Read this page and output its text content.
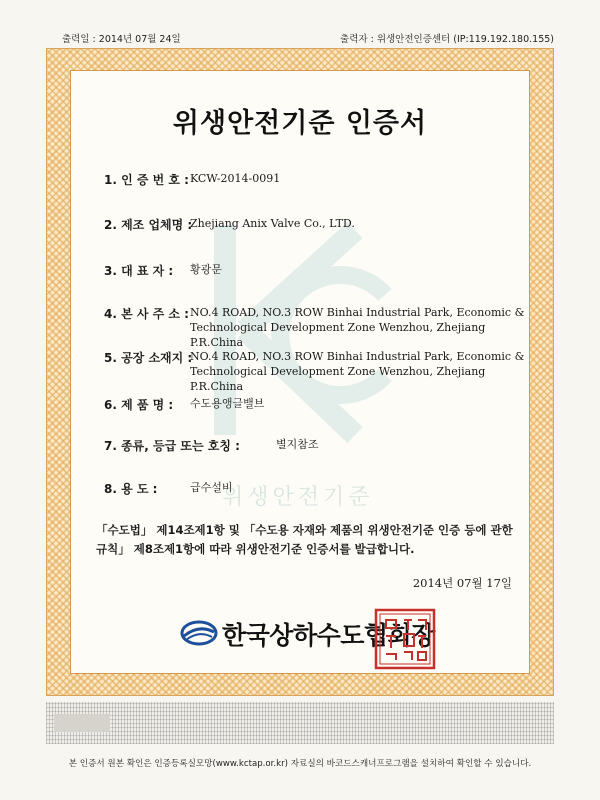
출력일 : 2014년 07월 24일	출력자 : 위생안전인증센터 (IP:119.192.180.155)
위생안전기준
위생안전기준 인증서
1. 인 증 번 호 : KCW-2014-0091
2. 제조 업체명 :
Zhejiang Anix Valve Co., LTD.
3. 대 표 자 : 황광문
4. 본 사 주 소 : NO.4 ROAD, NO.3 ROW Binhai Industrial Park, Economic & Technological Development Zone Wenzhou, Zhejiang P.R.China
5. 공장 소재지 :
NO.4 ROAD, NO.3 ROW Binhai Industrial Park, Economic & Technological Development Zone Wenzhou, Zhejiang P.R.China
6. 제 품 명 : 수도용앵글밸브
7. 종류, 등급 또는 호칭 :	별지참조
8. 용 도 :	급수설비
「수도법」 제14조제1항 및 「수도용 자재와 제품의 위생안전기준 인증 등에 관한 규칙」 제8조제1항에 따라 위생안전기준 인증서를 발급합니다.
2014년 07월 17일
한국상하수도협회장
본 인증서 원본 확인은 인증등록실모망(www.kctap.or.kr) 자료실의 바코드스캐너프로그램을 설치하여 확인할 수 있습니다.
